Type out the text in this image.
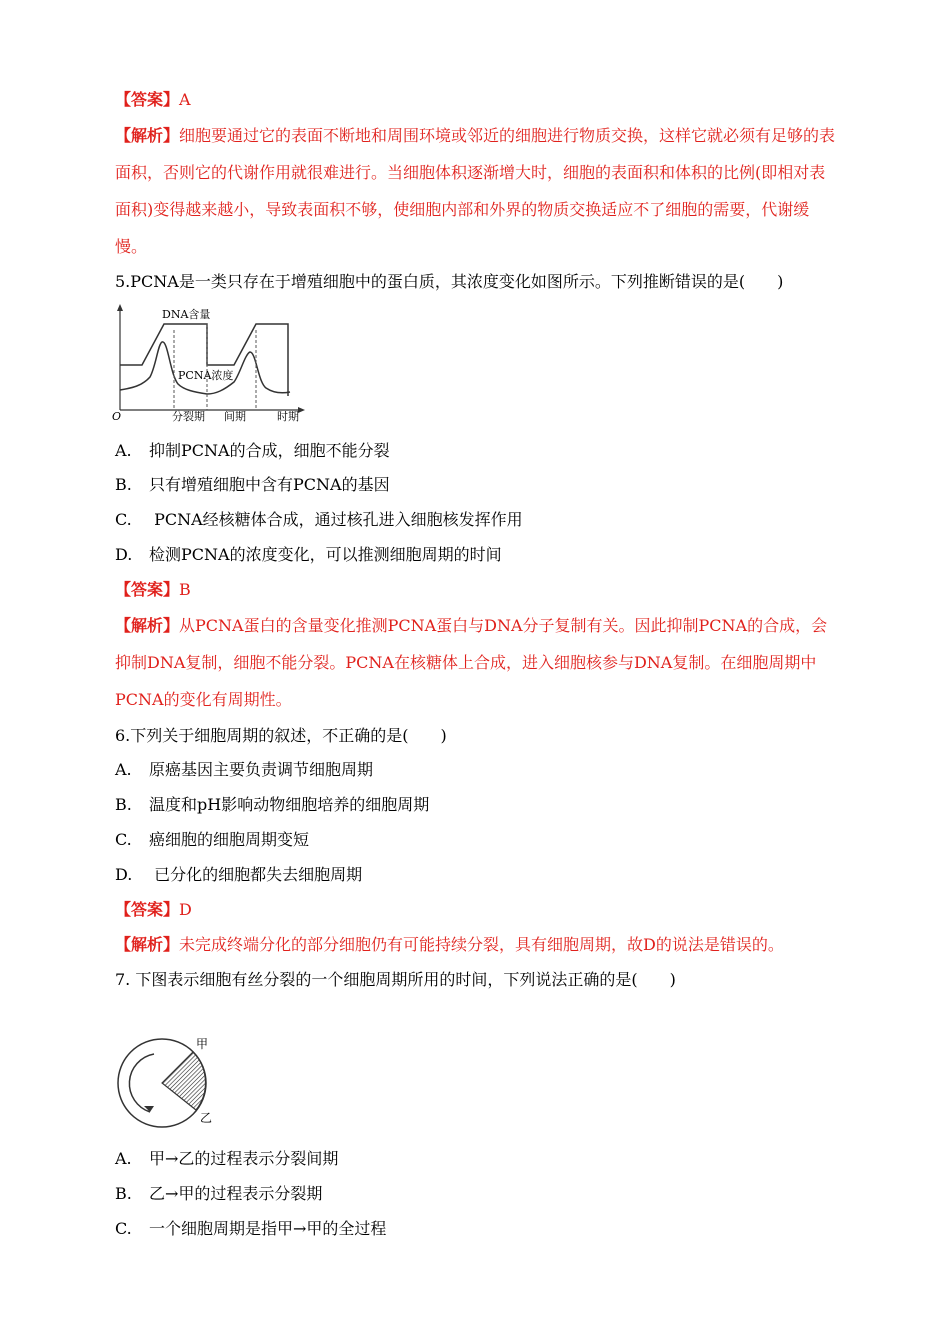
【答案】A
【解析】细胞要通过它的表面不断地和周围环境或邻近的细胞进行物质交换，这样它就必须有足够的表面积，否则它的代谢作用就很难进行。当细胞体积逐渐增大时，细胞的表面积和体积的比例(即相对表面积)变得越来越小，导致表面积不够，使细胞内部和外界的物质交换适应不了细胞的需要，代谢缓慢。
5.PCNA是一类只存在于增殖细胞中的蛋白质，其浓度变化如图所示。下列推断错误的是(　　)
DNA含量
PCNA浓度
O	分裂期 间期	时期
A. 抑制PCNA的合成，细胞不能分裂
B. 只有增殖细胞中含有PCNA的基因
C. PCNA经核糖体合成，通过核孔进入细胞核发挥作用
D. 检测PCNA的浓度变化，可以推测细胞周期的时间
【答案】B
【解析】从PCNA蛋白的含量变化推测PCNA蛋白与DNA分子复制有关。因此抑制PCNA的合成，会抑制DNA复制，细胞不能分裂。PCNA在核糖体上合成，进入细胞核参与DNA复制。在细胞周期中PCNA的变化有周期性。
6.下列关于细胞周期的叙述，不正确的是(　　)
A. 原癌基因主要负责调节细胞周期
B. 温度和pH影响动物细胞培养的细胞周期
C. 癌细胞的细胞周期变短
D. 已分化的细胞都失去细胞周期
【答案】D
【解析】未完成终端分化的部分细胞仍有可能持续分裂，具有细胞周期，故D的说法是错误的。
7. 下图表示细胞有丝分裂的一个细胞周期所用的时间，下列说法正确的是(　　)
甲
乙
A. 甲→乙的过程表示分裂间期
B. 乙→甲的过程表示分裂期
C. 一个细胞周期是指甲→甲的全过程
